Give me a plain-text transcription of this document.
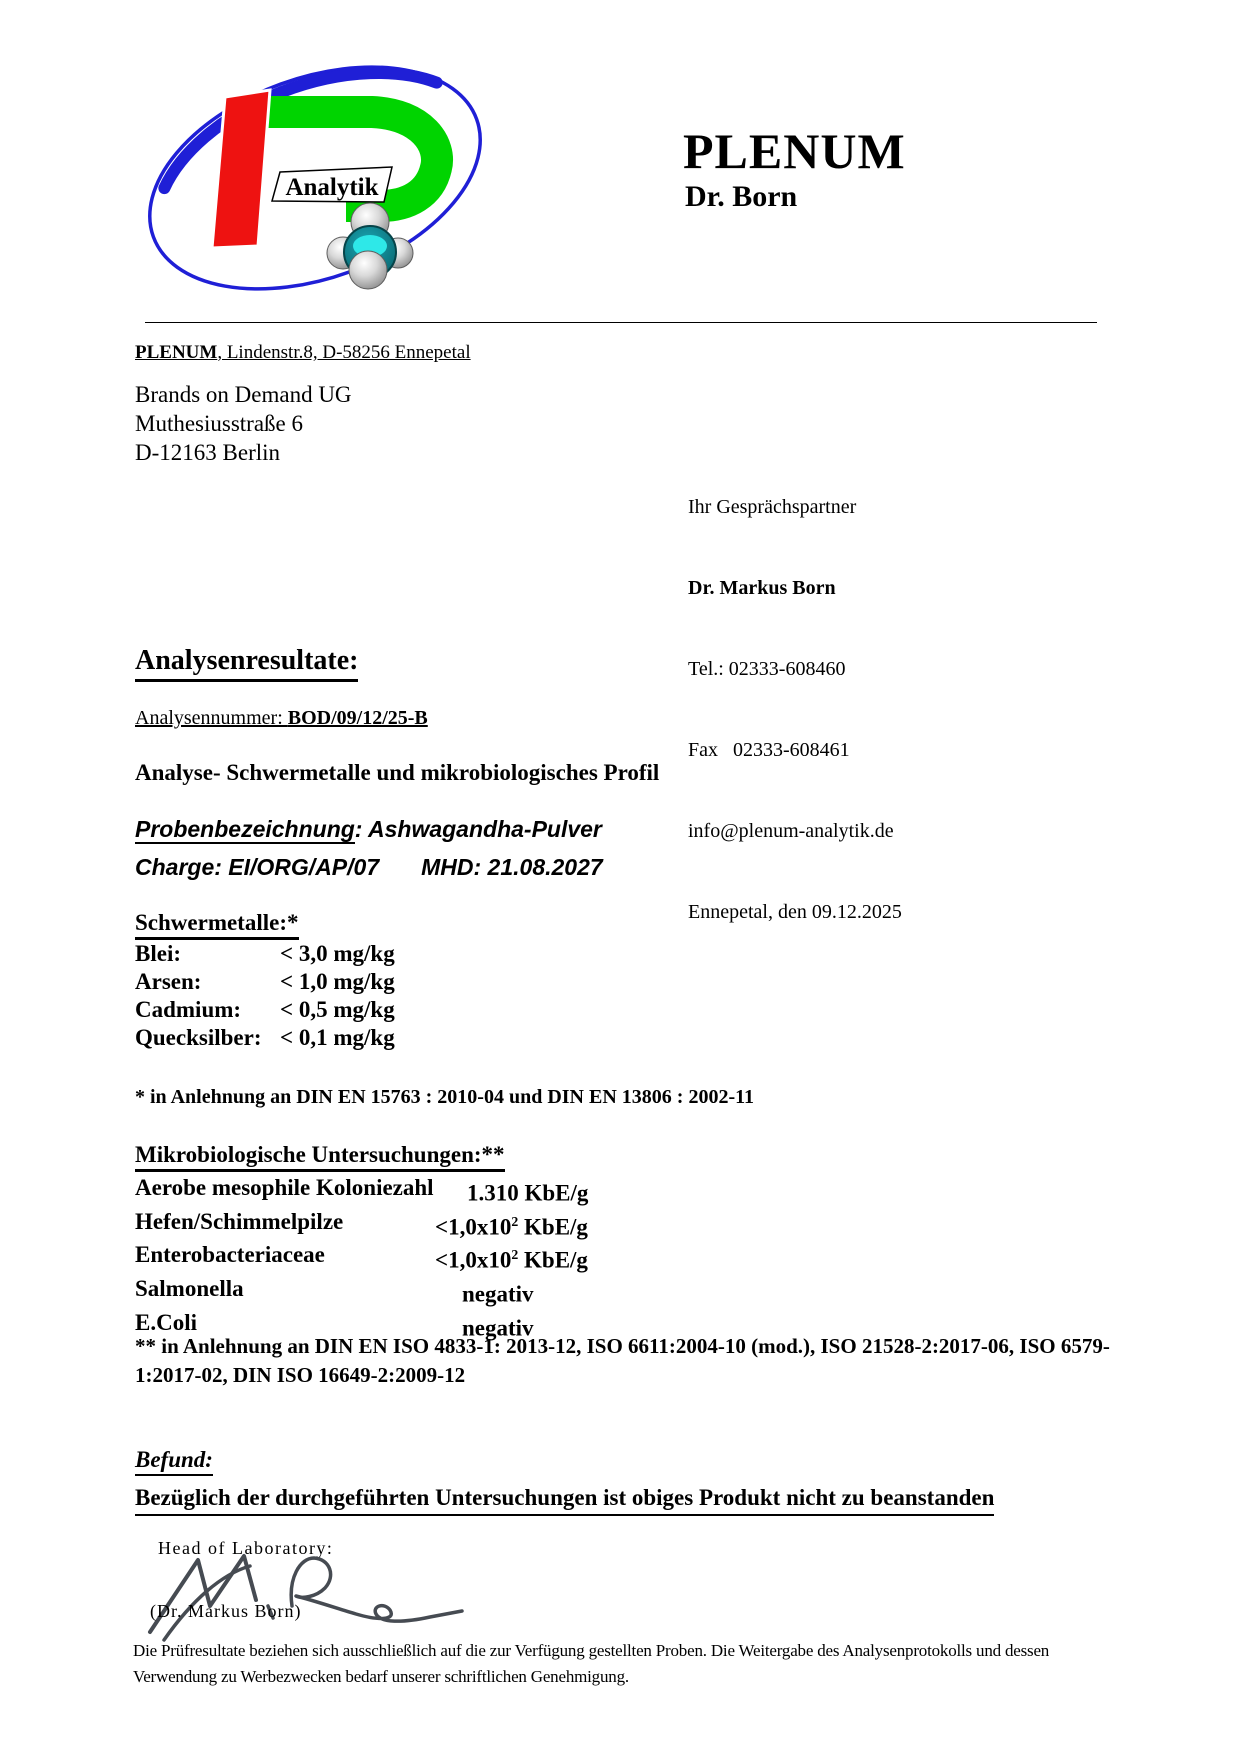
Analytik
PLENUM
Dr. Born
PLENUM, Lindenstr.8, D-58256 Ennepetal
Brands on Demand UG
Muthesiusstraße 6
D-12163 Berlin

Ihr Gesprächspartner

Dr. Markus Born

Tel.: 02333-608460

Fax   02333-608461

info@plenum-analytik.de

Ennepetal, den 09.12.2025

Analysenresultate:
Analysennummer: BOD/09/12/25-B
Analyse- Schwermetalle und mikrobiologisches Profil
Probenbezeichnung: Ashwagandha-Pulver
Charge: EI/ORG/AP/07 MHD: 21.08.2027
Schwermetalle:*
Blei:	< 3,0 mg/kg
Arsen:	< 1,0 mg/kg
Cadmium:	< 0,5 mg/kg
Quecksilber: < 0,1 mg/kg
* in Anlehnung an DIN EN 15763 : 2010-04 und DIN EN 13806 : 2002-11
Mikrobiologische Untersuchungen:**
Aerobe mesophile Koloniezahl	1.310 KbE/g
Hefen/Schimmelpilze	$<1,0x10^2$ KbE/g
Enterobacteriaceae	$<1,0x10^2$ KbE/g
Salmonella	negativ
E.Coli	negativ
** in Anlehnung an DIN EN ISO 4833-1: 2013-12, ISO 6611:2004-10 (mod.), ISO 21528-2:2017-06, ISO 6579-1:2017-02, DIN ISO 16649-2:2009-12
Befund:
Bezüglich der durchgeführten Untersuchungen ist obiges Produkt nicht zu beanstanden
Head of Laboratory:
(Dr. Markus Born)
Die Prüfresultate beziehen sich ausschließlich auf die zur Verfügung gestellten Proben. Die Weitergabe des Analysenprotokolls und dessen
Verwendung zu Werbezwecken bedarf unserer schriftlichen Genehmigung.
